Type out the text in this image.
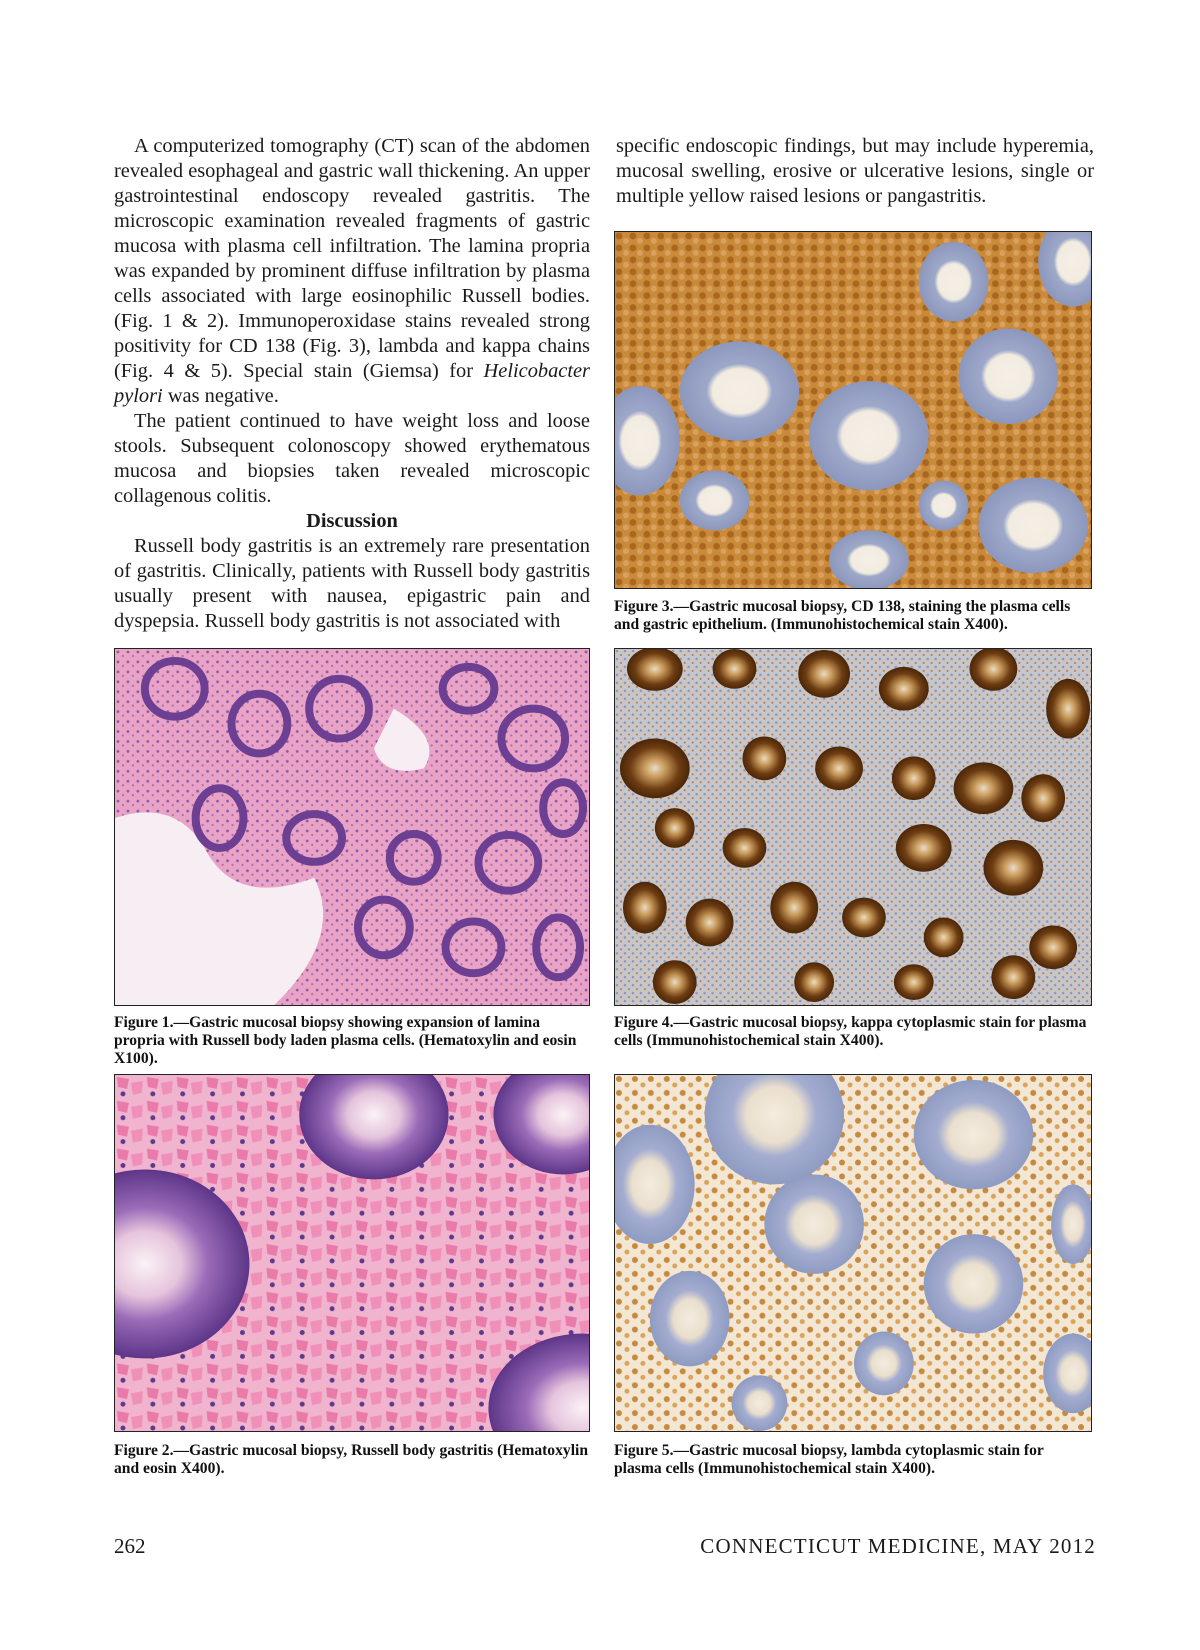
A computerized tomography (CT) scan of the abdomen revealed esophageal and gastric wall thickening. An upper gastrointestinal endoscopy revealed gastritis. The microscopic examination revealed fragments of gastric mucosa with plasma cell infiltration. The lamina propria was expanded by prominent diffuse infiltration by plasma cells associated with large eosinophilic Russell bodies. (Fig. 1 & 2). Immunoperoxidase stains revealed strong positivity for CD 138 (Fig. 3), lambda and kappa chains (Fig. 4 & 5). Special stain (Giemsa) for Helicobacter pylori was negative.

The patient continued to have weight loss and loose stools. Subsequent colonoscopy showed erythematous mucosa and biopsies taken revealed microscopic collagenous colitis.

Discussion

Russell body gastritis is an extremely rare presentation of gastritis. Clinically, patients with Russell body gastritis usually present with nausea, epigastric pain and dyspepsia. Russell body gastritis is not associated with

specific endoscopic findings, but may include hyperemia, mucosal swelling, erosive or ulcerative lesions, single or multiple yellow raised lesions or pangastritis.

Figure 3.—Gastric mucosal biopsy, CD 138, staining the plasma cells and gastric epithelium. (Immunohistochemical stain X400).
Figure 1.—Gastric mucosal biopsy showing expansion of lamina propria with Russell body laden plasma cells. (Hematoxylin and eosin X100).
Figure 4.—Gastric mucosal biopsy, kappa cytoplasmic stain for plasma cells (Immunohistochemical stain X400).
Figure 2.—Gastric mucosal biopsy, Russell body gastritis (Hematoxylin and eosin X400).
Figure 5.—Gastric mucosal biopsy, lambda cytoplasmic stain for plasma cells (Immunohistochemical stain X400).
262	CONNECTICUT MEDICINE, MAY 2012
